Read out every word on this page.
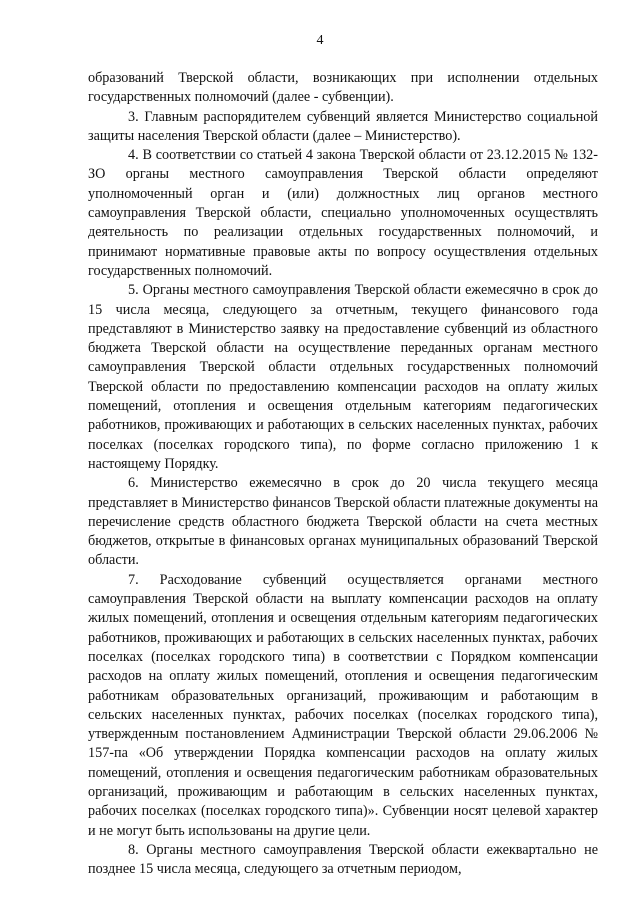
4

образований Тверской области, возникающих при исполнении отдельных государственных полномочий (далее - субвенции).

3. Главным распорядителем субвенций является Министерство социальной защиты населения Тверской области (далее – Министерство).

4. В соответствии со статьей 4 закона Тверской области от 23.12.2015 № 132-ЗО органы местного самоуправления Тверской области определяют уполномоченный орган и (или) должностных лиц органов местного самоуправления Тверской области, специально уполномоченных осуществлять деятельность по реализации отдельных государственных полномочий, и принимают нормативные правовые акты по вопросу осуществления отдельных государственных полномочий.

5. Органы местного самоуправления Тверской области ежемесячно в срок до 15 числа месяца, следующего за отчетным, текущего финансового года представляют в Министерство заявку на предоставление субвенций из областного бюджета Тверской области на осуществление переданных органам местного самоуправления Тверской области отдельных государственных полномочий Тверской области по предоставлению компенсации расходов на оплату жилых помещений, отопления и освещения отдельным категориям педагогических работников, проживающих и работающих в сельских населенных пунктах, рабочих поселках (поселках городского типа), по форме согласно приложению 1 к настоящему Порядку.

6. Министерство ежемесячно в срок до 20 числа текущего месяца представляет в Министерство финансов Тверской области платежные документы на перечисление средств областного бюджета Тверской области на счета местных бюджетов, открытые в финансовых органах муниципальных образований Тверской области.

7. Расходование субвенций осуществляется органами местного самоуправления Тверской области на выплату компенсации расходов на оплату жилых помещений, отопления и освещения отдельным категориям педагогических работников, проживающих и работающих в сельских населенных пунктах, рабочих поселках (поселках городского типа) в соответствии с Порядком компенсации расходов на оплату жилых помещений, отопления и освещения педагогическим работникам образовательных организаций, проживающим и работающим в сельских населенных пунктах, рабочих поселках (поселках городского типа), утвержденным постановлением Администрации Тверской области 29.06.2006 № 157-па «Об утверждении Порядка компенсации расходов на оплату жилых помещений, отопления и освещения педагогическим работникам образовательных организаций, проживающим и работающим в сельских населенных пунктах, рабочих поселках (поселках городского типа)». Субвенции носят целевой характер и не могут быть использованы на другие цели.

8. Органы местного самоуправления Тверской области ежеквартально не позднее 15 числа месяца, следующего за отчетным периодом,
